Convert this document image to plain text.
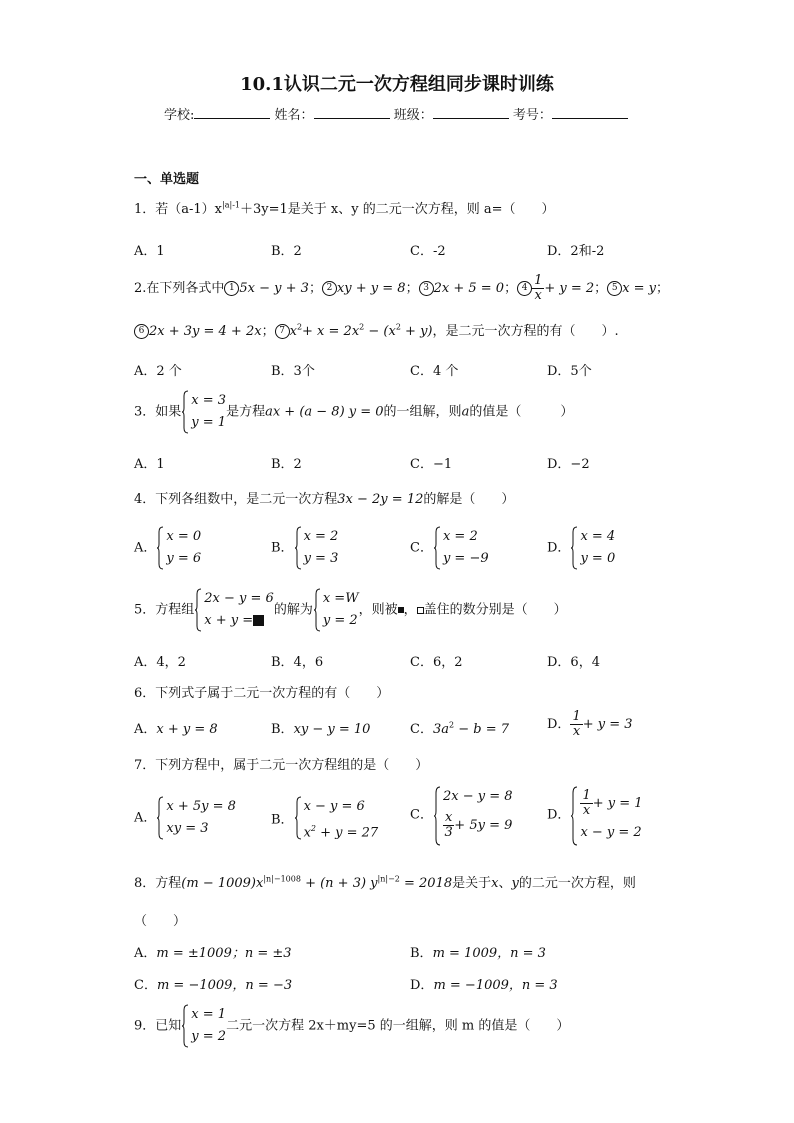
10.1认识二元一次方程组同步课时训练
学校:	姓名：	班级：	考号：
一、单选题
1．若$(a-1)x^{|a|-1}+3y=1$是关于 x、y 的二元一次方程，则 a=（　　）
A．1	B．2	C．-2	D．2和-2
2.在下列各式中 1 5x − y + 3； 2 xy + y = 8； 3 2x + 5 = 0； $4 \frac{1}{x} + y = 2$； 5 x = y；
6 2x + 3y = 4 + 2x； 7 $x^2+ x = 2x^2 - (x^2 + y)$，是二元一次方程的有（　　）.
A．2 个	B．3个	C．4 个	D．5个
3．如果
x = 3
y = 1
是方程ax + (a − 8) y = 0的一组解，则a的值是（　　　）
A．1	B．2	C．−1	D．−2
4．下列各组数中，是二元一次方程3x − 2y = 12的解是（　　）
A．
x = 0
y = 6
B．
x = 2
y = 3
C．
x = 2
y = −9
D．
x = 4
y = 0
5．方程组
2x − y = 6
x + y =
的解为
x =W
y = 2
，则被 ， 盖住的数分别是（　　）
A．4，2	B．4，6	C．6，2	D．6，4
6．下列式子属于二元一次方程的有（　　）
A．x + y = 8	B．xy − y = 10	C．$3a^2 - b = 7$	D． $\frac{1}{x} + y = 3$
7．下列方程中，属于二元一次方程组的是（　　）
A．
x + 5y = 8
xy = 3
B．
x − y = 6
$x^2 + y = 27$
C．
2x − y = 8
$\frac{x}{3} + 5y = 9$
D． $\frac{1}{x} + y = 1$
x − y = 2
8．方程$(m - 1009)x^{|n|-1008} + (n + 3)$ $y^{|n|-2} = 2018$是关于x、y的二元一次方程，则
（　　）
A．m = ±1009；n = ±3	B．m = 1009，n = 3
C．m = −1009，n = −3	D．m = −1009，n = 3
9．已知
x = 1
y = 2
二元一次方程 2x＋my=5 的一组解，则 m 的值是（　　）
